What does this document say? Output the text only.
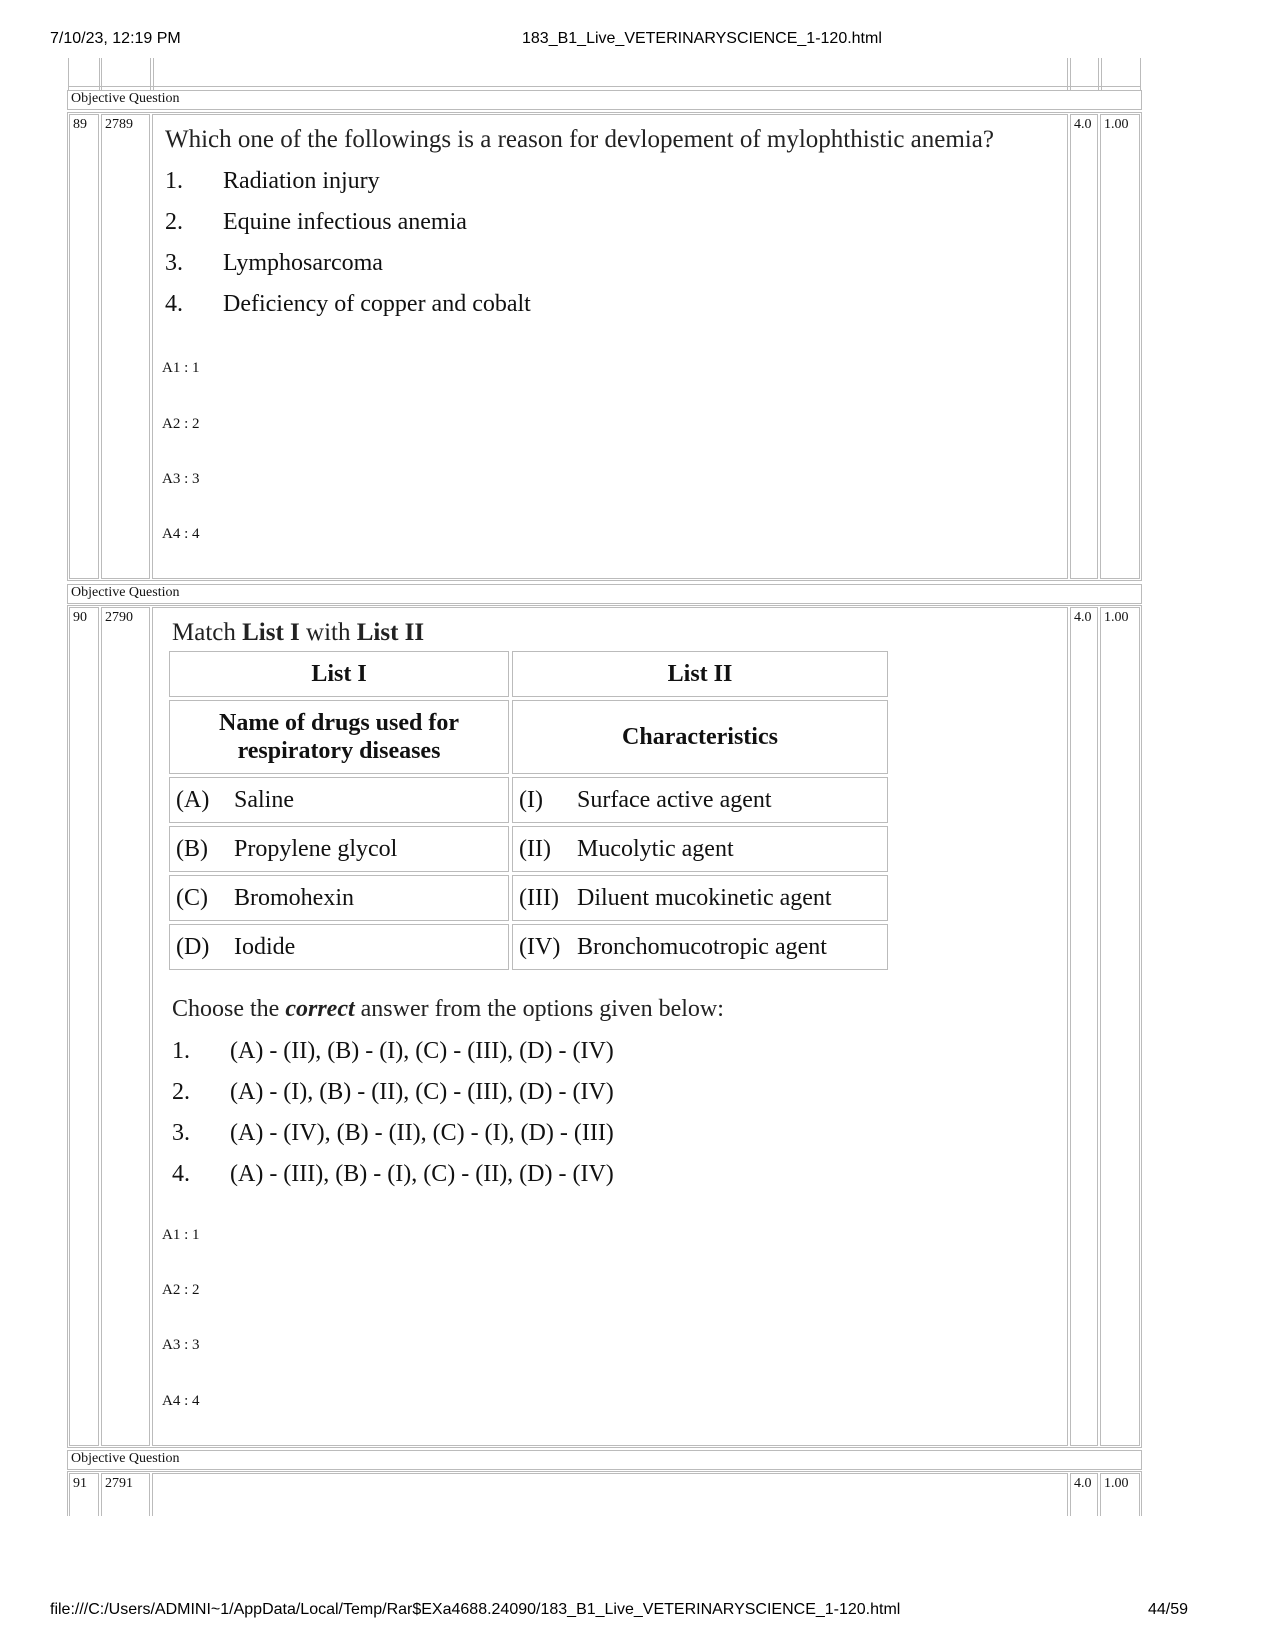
7/10/23, 12:19 PM	183_B1_Live_VETERINARYSCIENCE_1-120.html
Objective Question
89	2789	4.0 1.00
Which one of the followings is a reason for devlopement of mylophthistic anemia?
1. Radiation injury
2. Equine infectious anemia
3. Lymphosarcoma
4. Deficiency of copper and cobalt
A1 : 1
A2 : 2
A3 : 3
A4 : 4
Objective Question
90	2790	4.0 1.00
Match List I with List II
List I	List II
Name of drugs used for respiratory diseases	Characteristics
(A) Saline	(I) Surface active agent
(B) Propylene glycol	(II) Mucolytic agent
(C) Bromohexin	(III) Diluent mucokinetic agent
(D) Iodide	(IV) Bronchomucotropic agent
Choose the correct answer from the options given below:
1. (A) - (II), (B) - (I), (C) - (III), (D) - (IV)
2. (A) - (I), (B) - (II), (C) - (III), (D) - (IV)
3. (A) - (IV), (B) - (II), (C) - (I), (D) - (III)
4. (A) - (III), (B) - (I), (C) - (II), (D) - (IV)
A1 : 1
A2 : 2
A3 : 3
A4 : 4
Objective Question
91	2791	4.0 1.00
file:///C:/Users/ADMINI~1/AppData/Local/Temp/Rar$EXa4688.24090/183_B1_Live_VETERINARYSCIENCE_1-120.html	44/59
